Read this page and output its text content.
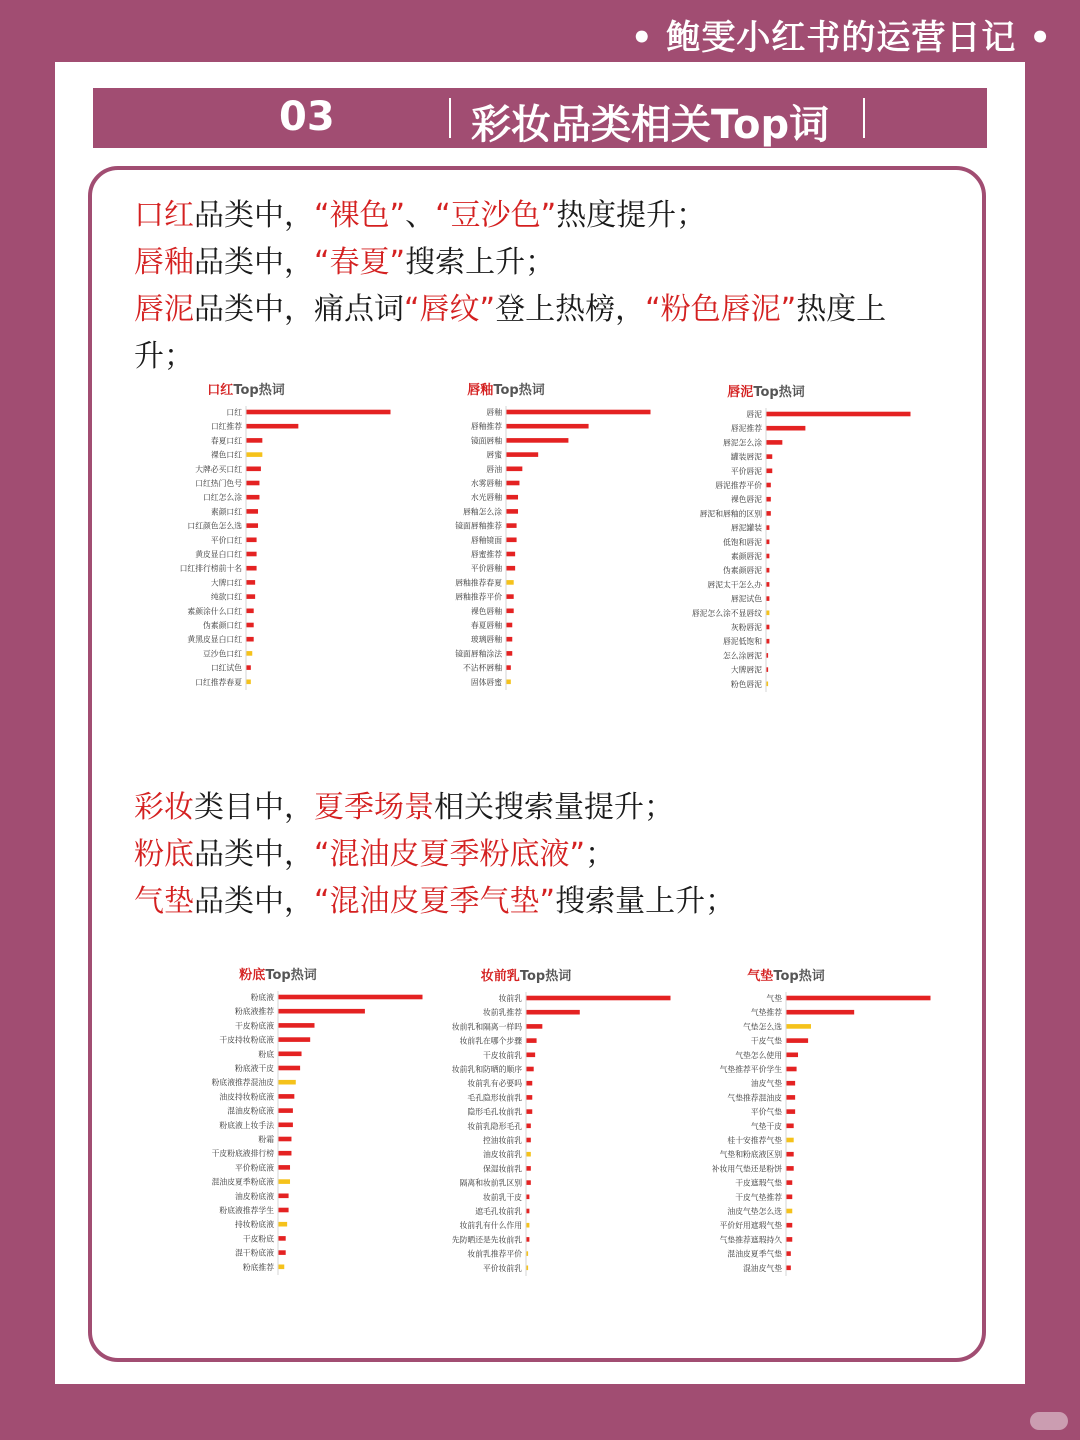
• 鲍雯小红书的运营日记 •
03	彩妆品类相关Top词
口红品类中，“裸色”、“豆沙色”热度提升；
唇釉品类中，“春夏”搜索上升；
唇泥品类中，痛点词“唇纹”登上热榜，“粉色唇泥”热度上
升；
口红Top热词
口红
口红推荐
春夏口红
裸色口红
大牌必买口红
口红热门色号
口红怎么涂
素颜口红
口红颜色怎么选
平价口红
黄皮显白口红
口红排行榜前十名
大牌口红
纯欲口红
素颜涂什么口红
伪素颜口红
黄黑皮显白口红
豆沙色口红
口红试色
口红推荐春夏
唇釉Top热词
唇釉
唇釉推荐
镜面唇釉
唇蜜
唇油
水雾唇釉
水光唇釉
唇釉怎么涂
镜面唇釉推荐
唇釉镜面
唇蜜推荐
平价唇釉
唇釉推荐春夏
唇釉推荐平价
裸色唇釉
春夏唇釉
玻璃唇釉
镜面唇釉涂法
不沾杯唇釉
固体唇蜜
唇泥Top热词
唇泥
唇泥推荐
唇泥怎么涂
罐装唇泥
平价唇泥
唇泥推荐平价
裸色唇泥
唇泥和唇釉的区别
唇泥罐装
低饱和唇泥
素颜唇泥
伪素颜唇泥
唇泥太干怎么办
唇泥试色
唇泥怎么涂不显唇纹
灰粉唇泥
唇泥低饱和
怎么涂唇泥
大牌唇泥
粉色唇泥
彩妆类目中，夏季场景相关搜索量提升；
粉底品类中，“混油皮夏季粉底液”；
气垫品类中，“混油皮夏季气垫”搜索量上升；
粉底Top热词
粉底液
粉底液推荐
干皮粉底液
干皮持妆粉底液
粉底
粉底液干皮
粉底液推荐混油皮
油皮持妆粉底液
混油皮粉底液
粉底液上妆手法
粉霜
干皮粉底液排行榜
平价粉底液
混油皮夏季粉底液
油皮粉底液
粉底液推荐学生
持妆粉底液
干皮粉底
混干粉底液
粉底推荐
妆前乳Top热词
妆前乳
妆前乳推荐
妆前乳和隔离一样吗
妆前乳在哪个步骤
干皮妆前乳
妆前乳和防晒的顺序
妆前乳有必要吗
毛孔隐形妆前乳
隐形毛孔妆前乳
妆前乳隐形毛孔
控油妆前乳
油皮妆前乳
保湿妆前乳
隔离和妆前乳区别
妆前乳干皮
遮毛孔妆前乳
妆前乳有什么作用
先防晒还是先妆前乳
妆前乳推荐平价
平价妆前乳
气垫Top热词
气垫
气垫推荐
气垫怎么选
干皮气垫
气垫怎么使用
气垫推荐平价学生
油皮气垫
气垫推荐混油皮
平价气垫
气垫干皮
桂十安推荐气垫
气垫和粉底液区别
补妆用气垫还是粉饼
干皮遮瑕气垫
干皮气垫推荐
油皮气垫怎么选
平价好用遮瑕气垫
气垫推荐遮瑕持久
混油皮夏季气垫
混油皮气垫
